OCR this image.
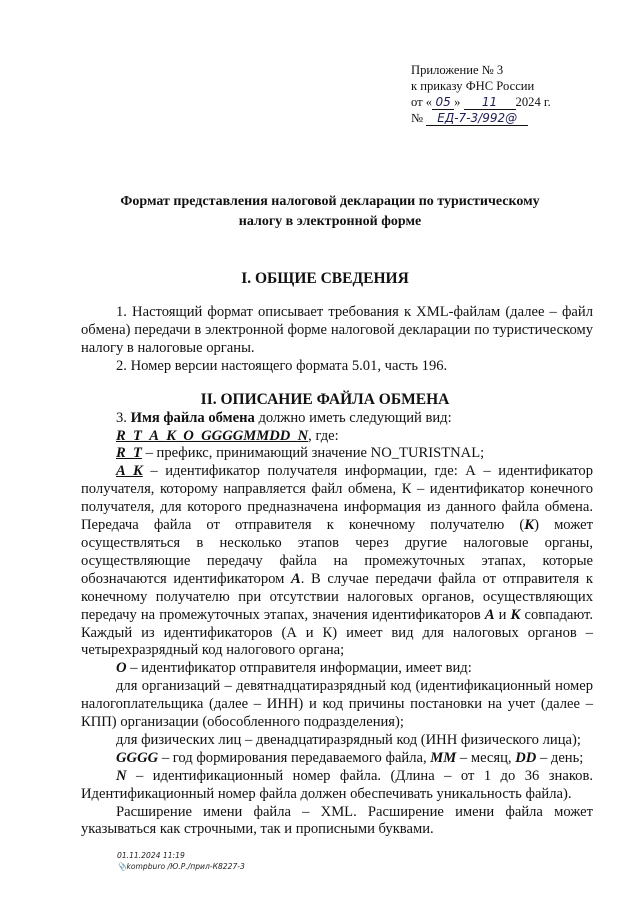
Приложение № 3
к приказу ФНС России
от « 05 » 11 2024 г.
№ ЕД-7-3/992@
Формат представления налоговой декларации по туристическому
налогу в электронной форме
I. ОБЩИЕ СВЕДЕНИЯ
II. ОПИСАНИЕ ФАЙЛА ОБМЕНА

1. Настоящий формат описывает требования к XML-файлам (далее – файл обмена) передачи в электронной форме налоговой декларации по туристическому налогу в налоговые органы.

2. Номер версии настоящего формата 5.01, часть 196.

3. Имя файла обмена должно иметь следующий вид:

R_T_A_K_O_GGGGMMDD_N, где:

R_T – префикс, принимающий значение NO_TURISTNAL;

A_K – идентификатор получателя информации, где: А – идентификатор получателя, которому направляется файл обмена, К – идентификатор конечного получателя, для которого предназначена информация из данного файла обмена. Передача файла от отправителя к конечному получателю (К) может осуществляться в несколько этапов через другие налоговые органы, осуществляющие передачу файла на промежуточных этапах, которые обозначаются идентификатором А. В случае передачи файла от отправителя к конечному получателю при отсутствии налоговых органов, осуществляющих передачу на промежуточных этапах, значения идентификаторов А и К совпадают. Каждый из идентификаторов (А и К) имеет вид для налоговых органов – четырехразрядный код налогового органа;

О – идентификатор отправителя информации, имеет вид:

для организаций – девятнадцатиразрядный код (идентификационный номер налогоплательщика (далее – ИНН) и код причины постановки на учет (далее – КПП) организации (обособленного подразделения);

для физических лиц – двенадцатиразрядный код (ИНН физического лица);

GGGG – год формирования передаваемого файла, MM – месяц, DD – день;

N – идентификационный номер файла. (Длина – от 1 до 36 знаков. Идентификационный номер файла должен обеспечивать уникальность файла).

Расширение имени файла – XML. Расширение имени файла может указываться как строчными, так и прописными буквами.

01.11.2024 11:19
📎kompburo /Ю.Р./прил-К8227-3
